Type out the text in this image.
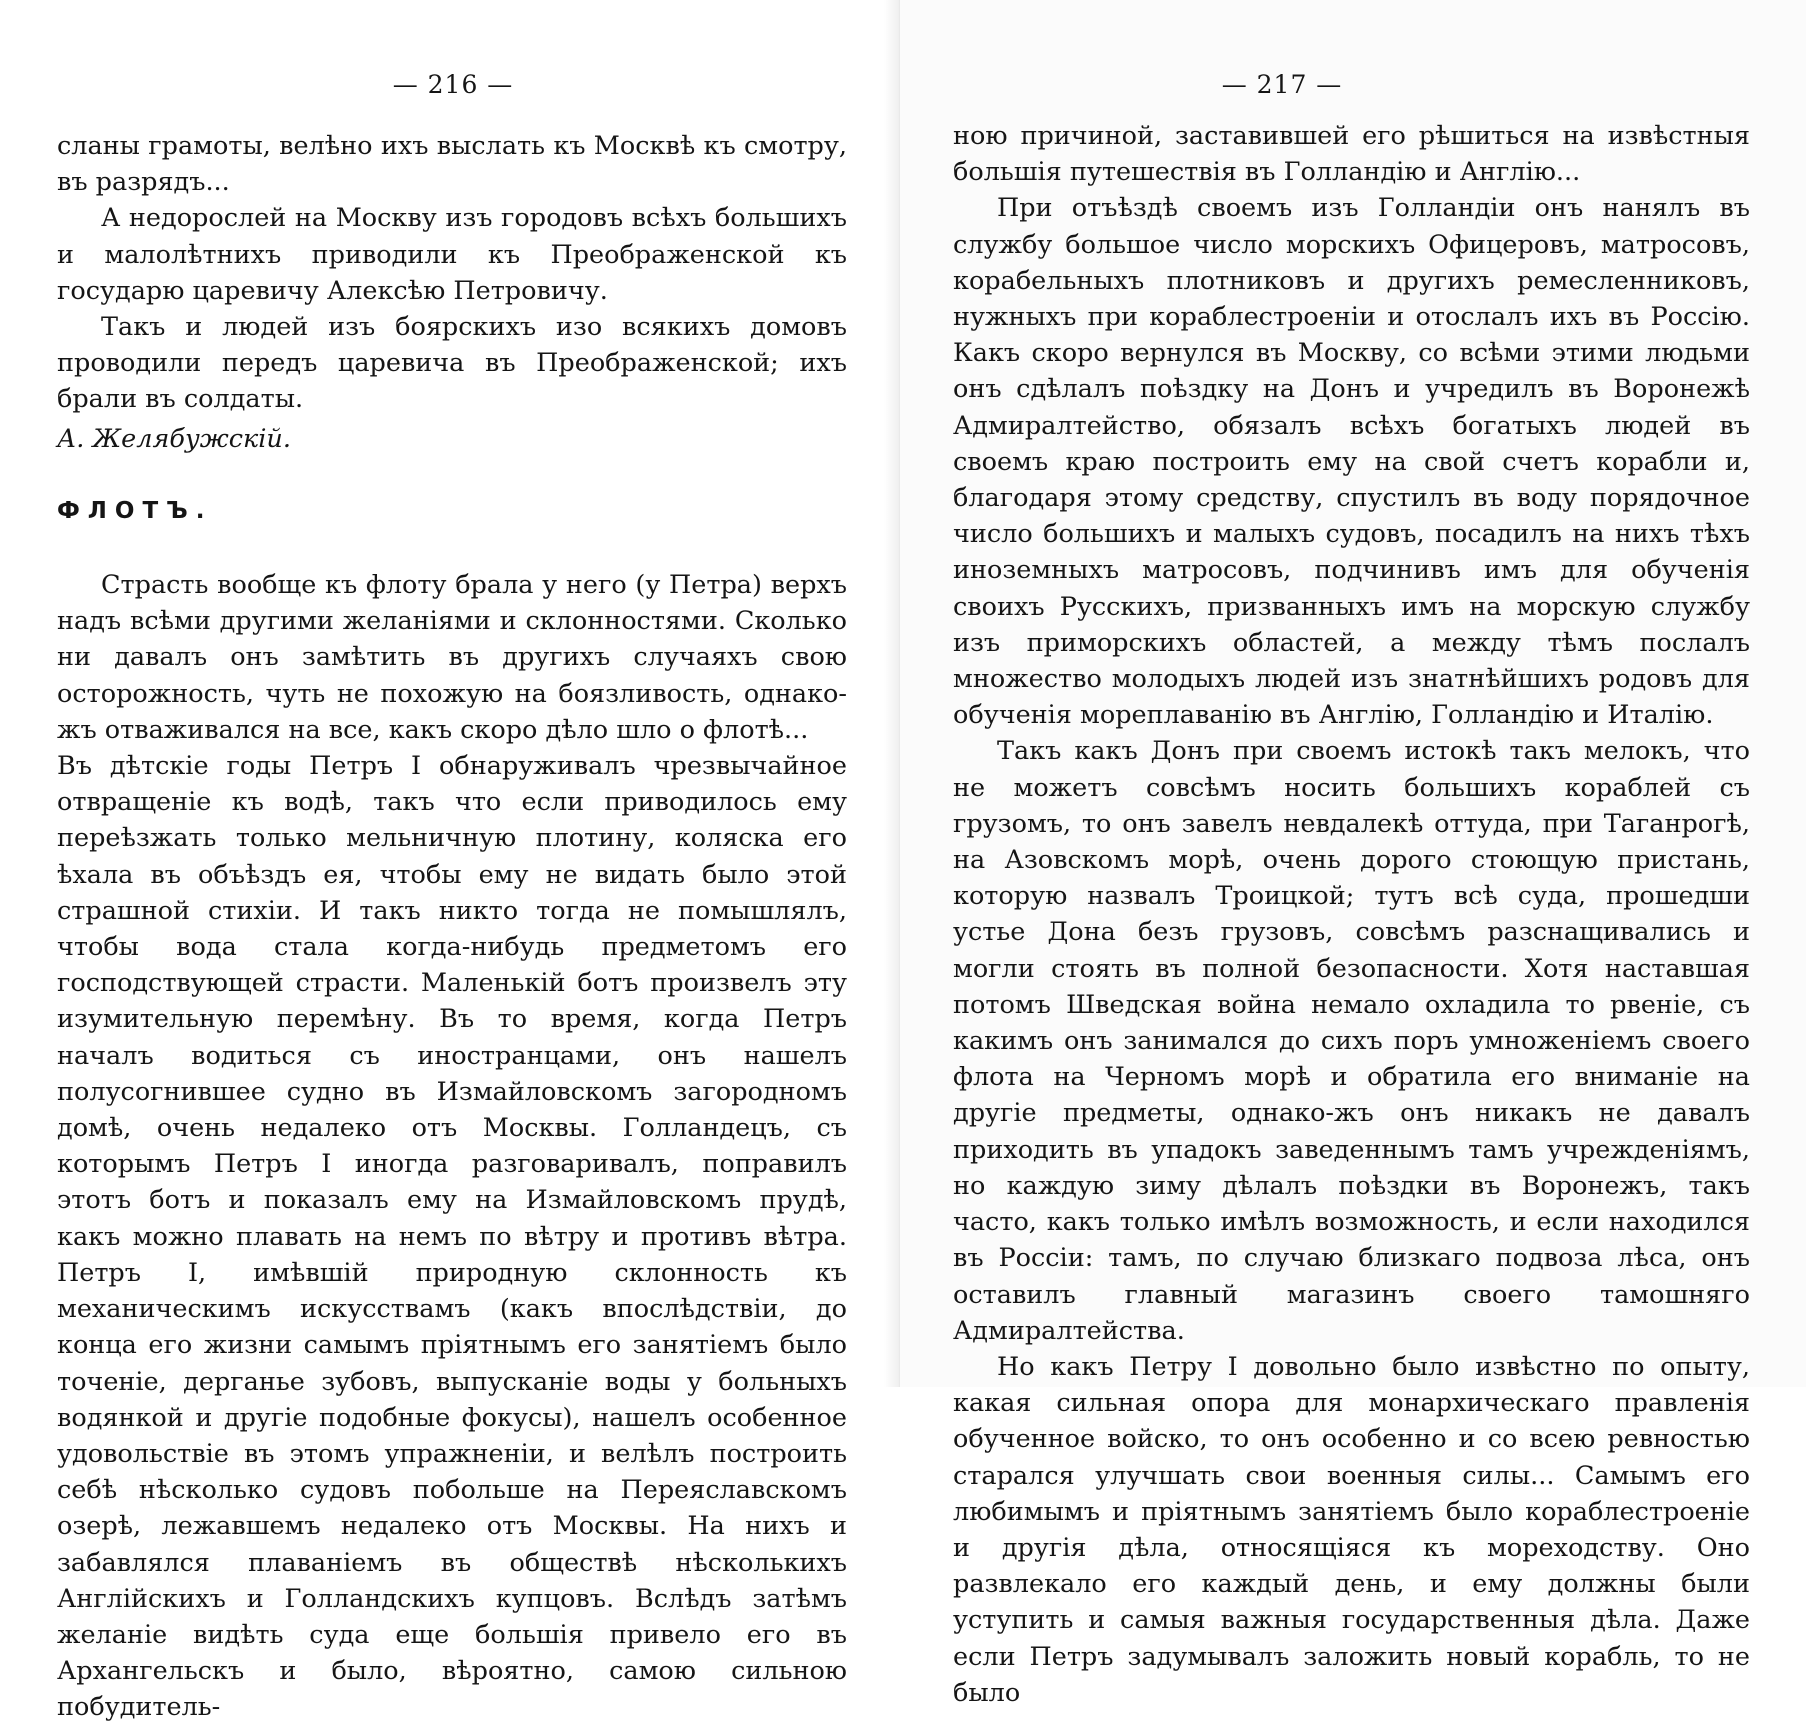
— 216 —

сланы грамоты, велѣно ихъ выслать къ Москвѣ къ смотру, въ разрядъ...

А недорослей на Москву изъ городовъ всѣхъ большихъ и малолѣтнихъ приводили къ Преображенской къ государю царевичу Алексѣю Петровичу.

Такъ и людей изъ боярскихъ изо всякихъ домовъ проводили передъ царевича въ Преображенской; ихъ брали въ солдаты.

А. Желябужскій.

ФЛОТЪ.

Страсть вообще къ флоту брала у него (у Петра) верхъ надъ всѣми другими желаніями и склонностями. Сколько ни давалъ онъ замѣтить въ другихъ случаяхъ свою осторожность, чуть не похожую на боязливость, однако-жъ отваживался на все, какъ скоро дѣло шло о флотѣ...

Въ дѣтскіе годы Петръ I обнаруживалъ чрезвычайное отвращеніе къ водѣ, такъ что если приводилось ему переѣзжать только мельничную плотину, коляска его ѣхала въ объѣздъ ея, чтобы ему не видать было этой страшной стихіи. И такъ никто тогда не помышлялъ, чтобы вода стала когда-нибудь предметомъ его господствующей страсти. Маленькій ботъ произвелъ эту изумительную перемѣну. Въ то время, когда Петръ началъ водиться съ иностранцами, онъ нашелъ полусогнившее судно въ Измайловскомъ загородномъ домѣ, очень недалеко отъ Москвы. Голландецъ, съ которымъ Петръ I иногда разговаривалъ, поправилъ этотъ ботъ и показалъ ему на Измайловскомъ прудѣ, какъ можно плавать на немъ по вѣтру и противъ вѣтра. Петръ I, имѣвшій природную склонность къ механическимъ искусствамъ (какъ впослѣдствіи, до конца его жизни самымъ пріятнымъ его занятіемъ было точеніе, дерганье зубовъ, выпусканіе воды у больныхъ водянкой и другіе подобные фокусы), нашелъ особенное удовольствіе въ этомъ упражненіи, и велѣлъ построить себѣ нѣсколько судовъ побольше на Переяславскомъ озерѣ, лежавшемъ недалеко отъ Москвы. На нихъ и забавлялся плаваніемъ въ обществѣ нѣсколькихъ Англійскихъ и Голландскихъ купцовъ. Вслѣдъ затѣмъ желаніе видѣть суда еще большія привело его въ Архангельскъ и было, вѣроятно, самою сильною побудитель-

— 217 —

ною причиной, заставившей его рѣшиться на извѣстныя большія путешествія въ Голландію и Англію...

При отъѣздѣ своемъ изъ Голландіи онъ нанялъ въ службу большое число морскихъ Офицеровъ, матросовъ, корабельныхъ плотниковъ и другихъ ремесленниковъ, нужныхъ при кораблестроеніи и отослалъ ихъ въ Россію. Какъ скоро вернулся въ Москву, со всѣми этими людьми онъ сдѣлалъ поѣздку на Донъ и учредилъ въ Воронежѣ Адмиралтейство, обязалъ всѣхъ богатыхъ людей въ своемъ краю построить ему на свой счетъ корабли и, благодаря этому средству, спустилъ въ воду порядочное число большихъ и малыхъ судовъ, посадилъ на нихъ тѣхъ иноземныхъ матросовъ, подчинивъ имъ для обученія своихъ Русскихъ, призванныхъ имъ на морскую службу изъ приморскихъ областей, а между тѣмъ послалъ множество молодыхъ людей изъ знатнѣйшихъ родовъ для обученія мореплаванію въ Англію, Голландію и Италію.

Такъ какъ Донъ при своемъ истокѣ такъ мелокъ, что не можетъ совсѣмъ носить большихъ кораблей съ грузомъ, то онъ завелъ невдалекѣ оттуда, при Таганрогѣ, на Азовскомъ морѣ, очень дорого стоющую пристань, которую назвалъ Троицкой; тутъ всѣ суда, прошедши устье Дона безъ грузовъ, совсѣмъ разснащивались и могли стоять въ полной безопасности. Хотя наставшая потомъ Шведская война немало охладила то рвеніе, съ какимъ онъ занимался до сихъ поръ умноженіемъ своего флота на Черномъ морѣ и обратила его вниманіе на другіе предметы, однако-жъ онъ никакъ не давалъ приходить въ упадокъ заведеннымъ тамъ учрежденіямъ, но каждую зиму дѣлалъ поѣздки въ Воронежъ, такъ часто, какъ только имѣлъ возможность, и если находился въ Россіи: тамъ, по случаю близкаго подвоза лѣса, онъ оставилъ главный магазинъ своего тамошняго Адмиралтейства.

Но какъ Петру I довольно было извѣстно по опыту, какая сильная опора для монархическаго правленія обученное войско, то онъ особенно и со всею ревностью старался улучшать свои военныя силы... Самымъ его любимымъ и пріятнымъ занятіемъ было кораблестроеніе и другія дѣла, относящіяся къ мореходству. Оно развлекало его каждый день, и ему должны были уступить и самыя важныя государственныя дѣла. Даже если Петръ задумывалъ заложить новый корабль, то не было
